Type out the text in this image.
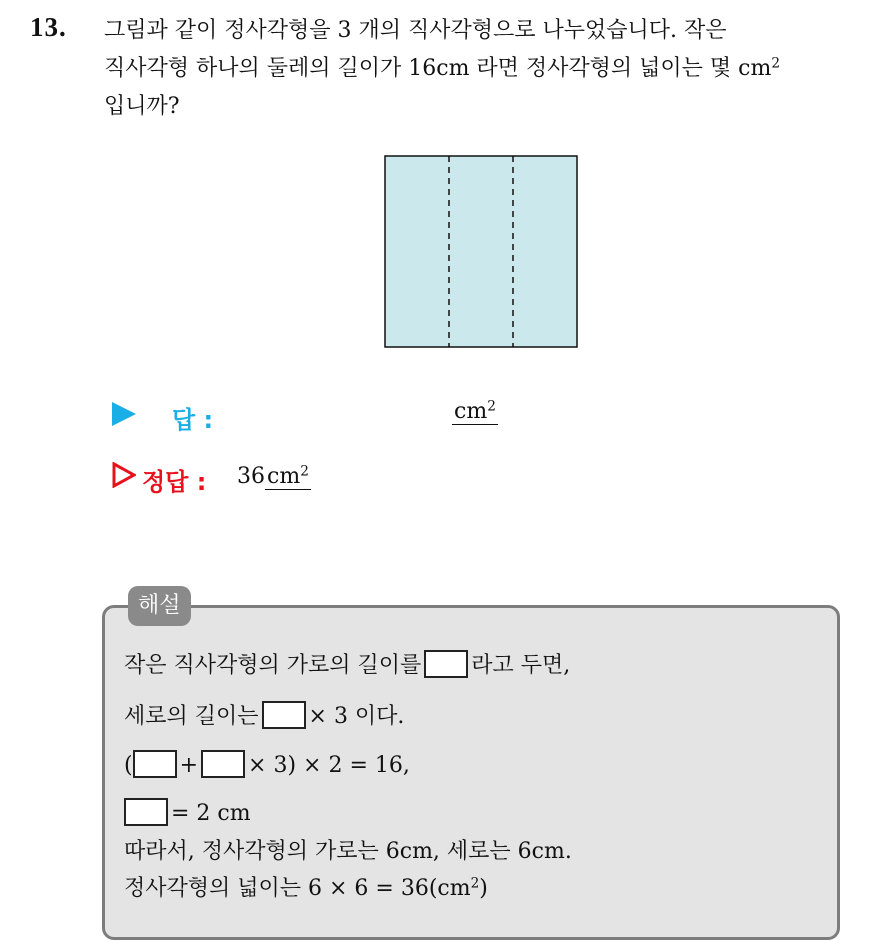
13. 그림과 같이 정사각형을 3 개의 직사각형으로 나누었습니다. 작은
직사각형 하나의 둘레의 길이가 16cm 라면 정사각형의 넓이는 몇 $cm^2$
입니까?
답 :	$cm^2$
정답 : $36cm^2$
해설
작은 직사각형의 가로의 길이를 라고 두면,
세로의 길이는 × 3 이다.
( + × 3) × 2 = 16,
= 2 cm
따라서, 정사각형의 가로는 6cm, 세로는 6cm.
정사각형의 넓이는 $6 \times 6 = 36(cm^2)$
